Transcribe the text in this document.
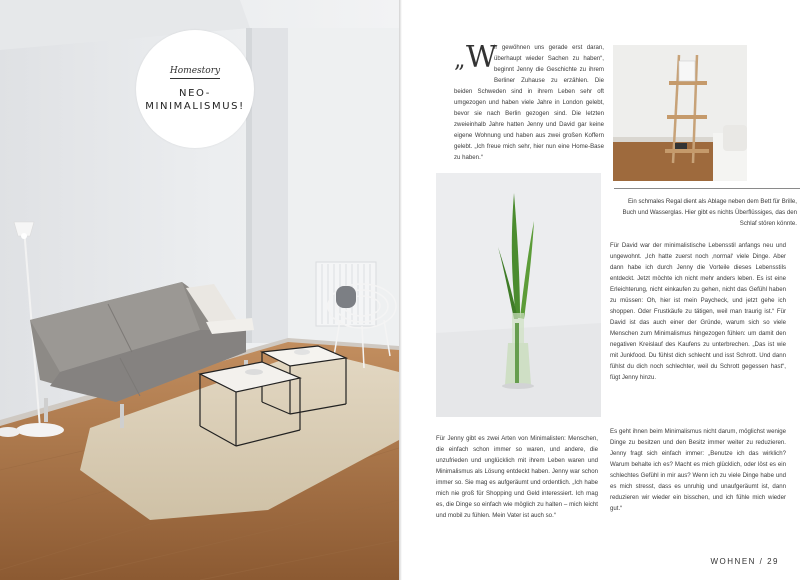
Homestory
NEO-
MINIMALISMUS!
„ W
ir gewöhnen uns gerade erst daran, überhaupt wieder Sachen zu haben“, beginnt Jenny die Geschichte zu ihrem Berliner Zuhause zu erzählen. Die beiden Schweden sind in ihrem Leben sehr oft umgezogen und haben viele Jahre in London gelebt, bevor sie nach Berlin gezogen sind. Die letzten zweieinhalb Jahre hatten Jenny und David gar keine eigene Wohnung und haben aus zwei großen Koffern gelebt. „Ich freue mich sehr, hier nun eine Home-Base zu haben.“
Ein schmales Regal dient als Ablage neben dem Bett für Brille, Buch und Wasserglas. Hier gibt es nichts Überflüssiges, das den Schlaf stören könnte.
Für Jenny gibt es zwei Arten von Minimalisten: Menschen, die einfach schon immer so waren, und andere, die unzufrieden und unglücklich mit ihrem Leben waren und Minimalismus als Lösung entdeckt haben. Jenny war schon immer so. Sie mag es aufgeräumt und ordentlich. „Ich habe mich nie groß für Shopping und Geld interessiert. Ich mag es, die Dinge so einfach wie möglich zu halten – mich leicht und mobil zu fühlen. Mein Vater ist auch so.“
Für David war der minimalistische Lebensstil anfangs neu und ungewohnt. „Ich hatte zuerst noch ‚normal‘ viele Dinge. Aber dann habe ich durch Jenny die Vorteile dieses Lebensstils entdeckt. Jetzt möchte ich nicht mehr anders leben. Es ist eine Erleichterung, nicht einkaufen zu gehen, nicht das Gefühl haben zu müssen: Oh, hier ist mein Paycheck, und jetzt gehe ich shoppen. Oder Frustkäufe zu tätigen, weil man traurig ist.“ Für David ist das auch einer der Gründe, warum sich so viele Menschen zum Minimalismus hingezogen fühlen: um damit den negativen Kreislauf des Kaufens zu unterbrechen. „Das ist wie mit Junkfood. Du fühlst dich schlecht und isst Schrott. Und dann fühlst du dich noch schlechter, weil du Schrott gegessen hast“, fügt Jenny hinzu.
Es geht ihnen beim Minimalismus nicht darum, möglichst wenige Dinge zu besitzen und den Besitz immer weiter zu reduzieren. Jenny fragt sich einfach immer: „Benutze ich das wirklich? Warum behalte ich es? Macht es mich glücklich, oder löst es ein schlechtes Gefühl in mir aus? Wenn ich zu viele Dinge habe und es mich stresst, dass es unruhig und unaufgeräumt ist, dann reduzieren wir wieder ein bisschen, und ich fühle mich wieder gut.“
WOHNEN / 29
